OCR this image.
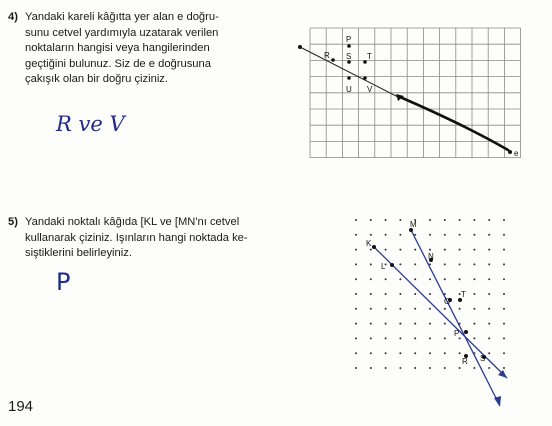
4) Yandaki kareli kâğıtta yer alan e doğru-
sunu cetvel yardımıyla uzatarak verilen
noktaların hangisi veya hangilerinden
geçtiğini bulunuz. Siz de e doğrusuna
çakışık olan bir doğru çiziniz.
R ve V
5) Yandaki noktalı kâğıda [KL ve [MN'nı cetvel
kullanarak çiziniz. Işınların hangi noktada ke-
siştiklerini belirleyiniz.
P
194
e
P
R S T
U V
K
L
M
N
O
T
P
R S
